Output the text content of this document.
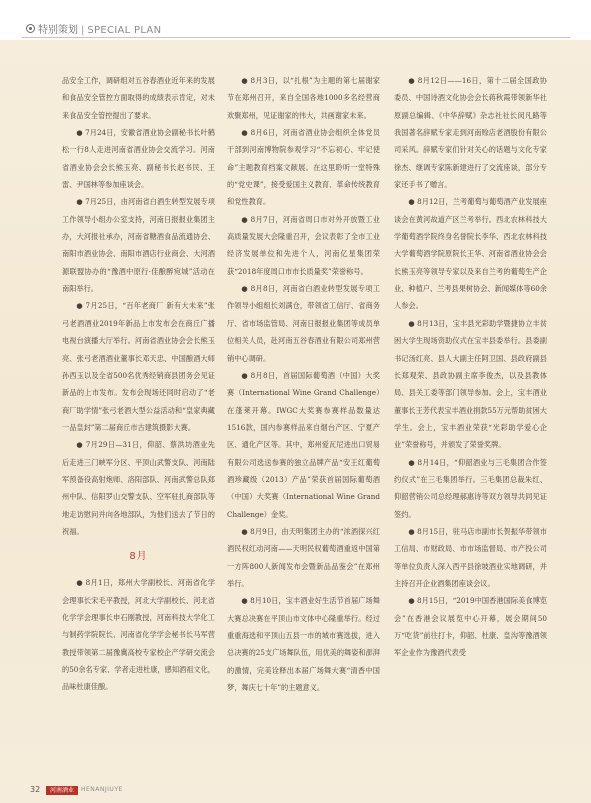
特别策划 | SPECIAL PLAN

品安全工作，调研组对五谷春酒业近年来的发展和食品安全管控方面取得的成绩表示肯定，对未来食品安全管控提出了要求。

● 7月24日，安徽省酒业协会副秘书长叶鹤松一行8人走进河南省酒业协会交流学习。河南省酒业协会会长熊玉亮、副秘书长赵书民、王雷、尹国林等参加座谈会。

● 7月25日，由河南省白酒生转型发展专项工作领导小组办公室支持，河南日报报业集团主办，大河报社承办，河南省糖酒食品流通协会、南阳市酒业协会、南阳市酒店行业商会、大河酒源联盟协办的“豫酒中原行·佳酿醉宛城”活动在南阳举行。

● 7月25日，“百年老商厂 新有大未来”张弓老酒酒业2019年新品上市发布会在商丘广播电视台演播大厅举行。河南省酒业协会会长熊玉亮、张弓老酒酒业董事长邓天忠、中国酿酒大师孙西玉以及全省500名优秀经销商县团务会见证新品的上市发布。发布会现场还同时启动了“老商厂助学情”张弓老酒大型公益活动和“皇家典藏一品皇封”第二届商丘市古建筑摄影大赛。

● 7月29日—31日，仰韶、蔡洪坊酒业先后走进三门峡军分区、平顶山武警支队、河南陆军预备役高射炮师、洛阳部队、河南武警总队郑州中队、信阳罗山交警支队、空军驻扎商部队等地走访慰问并向各地部队，为他们送去了节日的祝福。

8月

● 8月1日，郑州大学副校长、河南省化学会理事长宋毛平教授，河北大学副校长、河北省化学学会理事长申石刚教授，河南科技大学化工与制药学院院长、河南省化学学会秘书长马军营教授带领第二届豫冀高校专家校企产学研交流会的50余名专家、学者走进杜康，感知酒祖文化，品味杜康佳酿。

● 8月3日，以“扎根”为主题的第七届谢家节在郑州召开，来自全国各地1000多名经营商欢聚郑州，见证谢家的伟大，共画谢家未来。

● 8月6日，河南省酒业协会组织全体党员干部到河南博物院参观学习“不忘初心、牢记使命”主题教育档案文献展。在这里聆听一堂特殊的“党史课”，接受爱国主义教育、革命传统教育和党性教育。

● 8月7日，河南省周口市对外开放暨工业高质量发展大会隆重召开，会议表彰了全市工业经济发展单位和先进个人，河南亿星集团荣获“2018年度周口市市长质量奖”荣誉称号。

● 8月8日，河南省白酒业转型发展专项工作领导小组组长刘满仓，带领省工信厅、省商务厅、省市场监管局、河南日报报业集团等成员单位相关人员，赴河南五谷春酒业有限公司郑州营销中心调研。

● 8月8日，首届国际葡萄酒（中国）大奖赛（International Wine Grand Challenge）在蓬莱开幕。IWGC大奖赛参赛样品数量达1516款，国内参赛样品来自烟台产区、宁夏产区、通化产区等。其中，郑州爱瓦尼进出口贸易有限公司选送参赛的独立品牌产品“安王红葡萄酒珍藏级（2013）产品”荣获首届国际葡萄酒（中国）大奖赛（International Wine Grand Challenge）金奖。

● 8月9日，由天明集团主办的“浓酒探兴红酒民权红动河南——天明民权葡萄酒重返中国第一方阵800人新闻发布会暨新品品鉴会”在郑州举行。

● 8月10日，宝丰酒业好生活节首届广场舞大赛总决赛在平顶山市文体中心隆重举行。经过重重海选和平顶山五县一市的城市赛选拔，进入总决赛的25支广场舞队伍，用优美的舞姿和澎湃的激情，完美诠释出本届广场舞大赛“清香中国梦，舞庆七十年”的主题意义。

● 8月12日——16日，第十二届全国政协委员、中国诗酒文化协会会长蒋秋霞带领新华社原副总编辑、《中华辞赋》杂志社社长闵凡路等我国著名辞赋专家走到河南赊店老酒股份有限公司采风。辞赋专家们针对关心的话题与文化专家徐杰、继调专家陈新建进行了交流座谈，部分专家还手书了赠言。

● 8月12日，兰考葡萄与葡萄酒产业发展座谈会在黄河故道产区兰考举行。西北农林科技大学葡萄酒学院终身名誉院长李华、西北农林科技大学葡萄酒学院原院长王华、河南省酒业协会会长熊玉亮等领导专家以及来自兰考的葡萄生产企业、种植户、兰考县果树协会、新闻媒体等60余人参会。

● 8月13日，宝丰县光彩助学暨捷协立丰贫困大学生现场资助仪式在宝丰县委举行。县委副书记汤红亮、县人大副主任阿卫国、县政府副县长郑观荣、县政协副主席李俊杰，以及县教体局、县关工委等部门领导参加。会上，宝丰酒业董事长王芳代表宝丰酒业捐款55万元帮助贫困大学生。会上，宝丰酒业荣获“光彩助学爱心企业”荣誉称号，并颁发了荣誉奖牌。

● 8月14日，“仰韶酒业与三毛集团合作签约仪式”在三毛集团举行。三毛集团总裁朱红、仰韶营销公司总经理郝惠诗等双方领导共同见证签约。

● 8月15日，驻马店市副市长贺振华带领市工信局、市财政局、市市场监督局、市产投公司等单位负责人深入西平县徐坡酒业实地调研，并主持召开企业酒集团座谈会议。

● 8月15日，“2019中国香港国际美食博览会”在香港会议展览中心开幕，展会期间50万“吃货”前往打卡，仰韶、杜康、皇沟等豫酒领军企业作为豫酒代表受

32	河南酒业	HENANJIUYE
